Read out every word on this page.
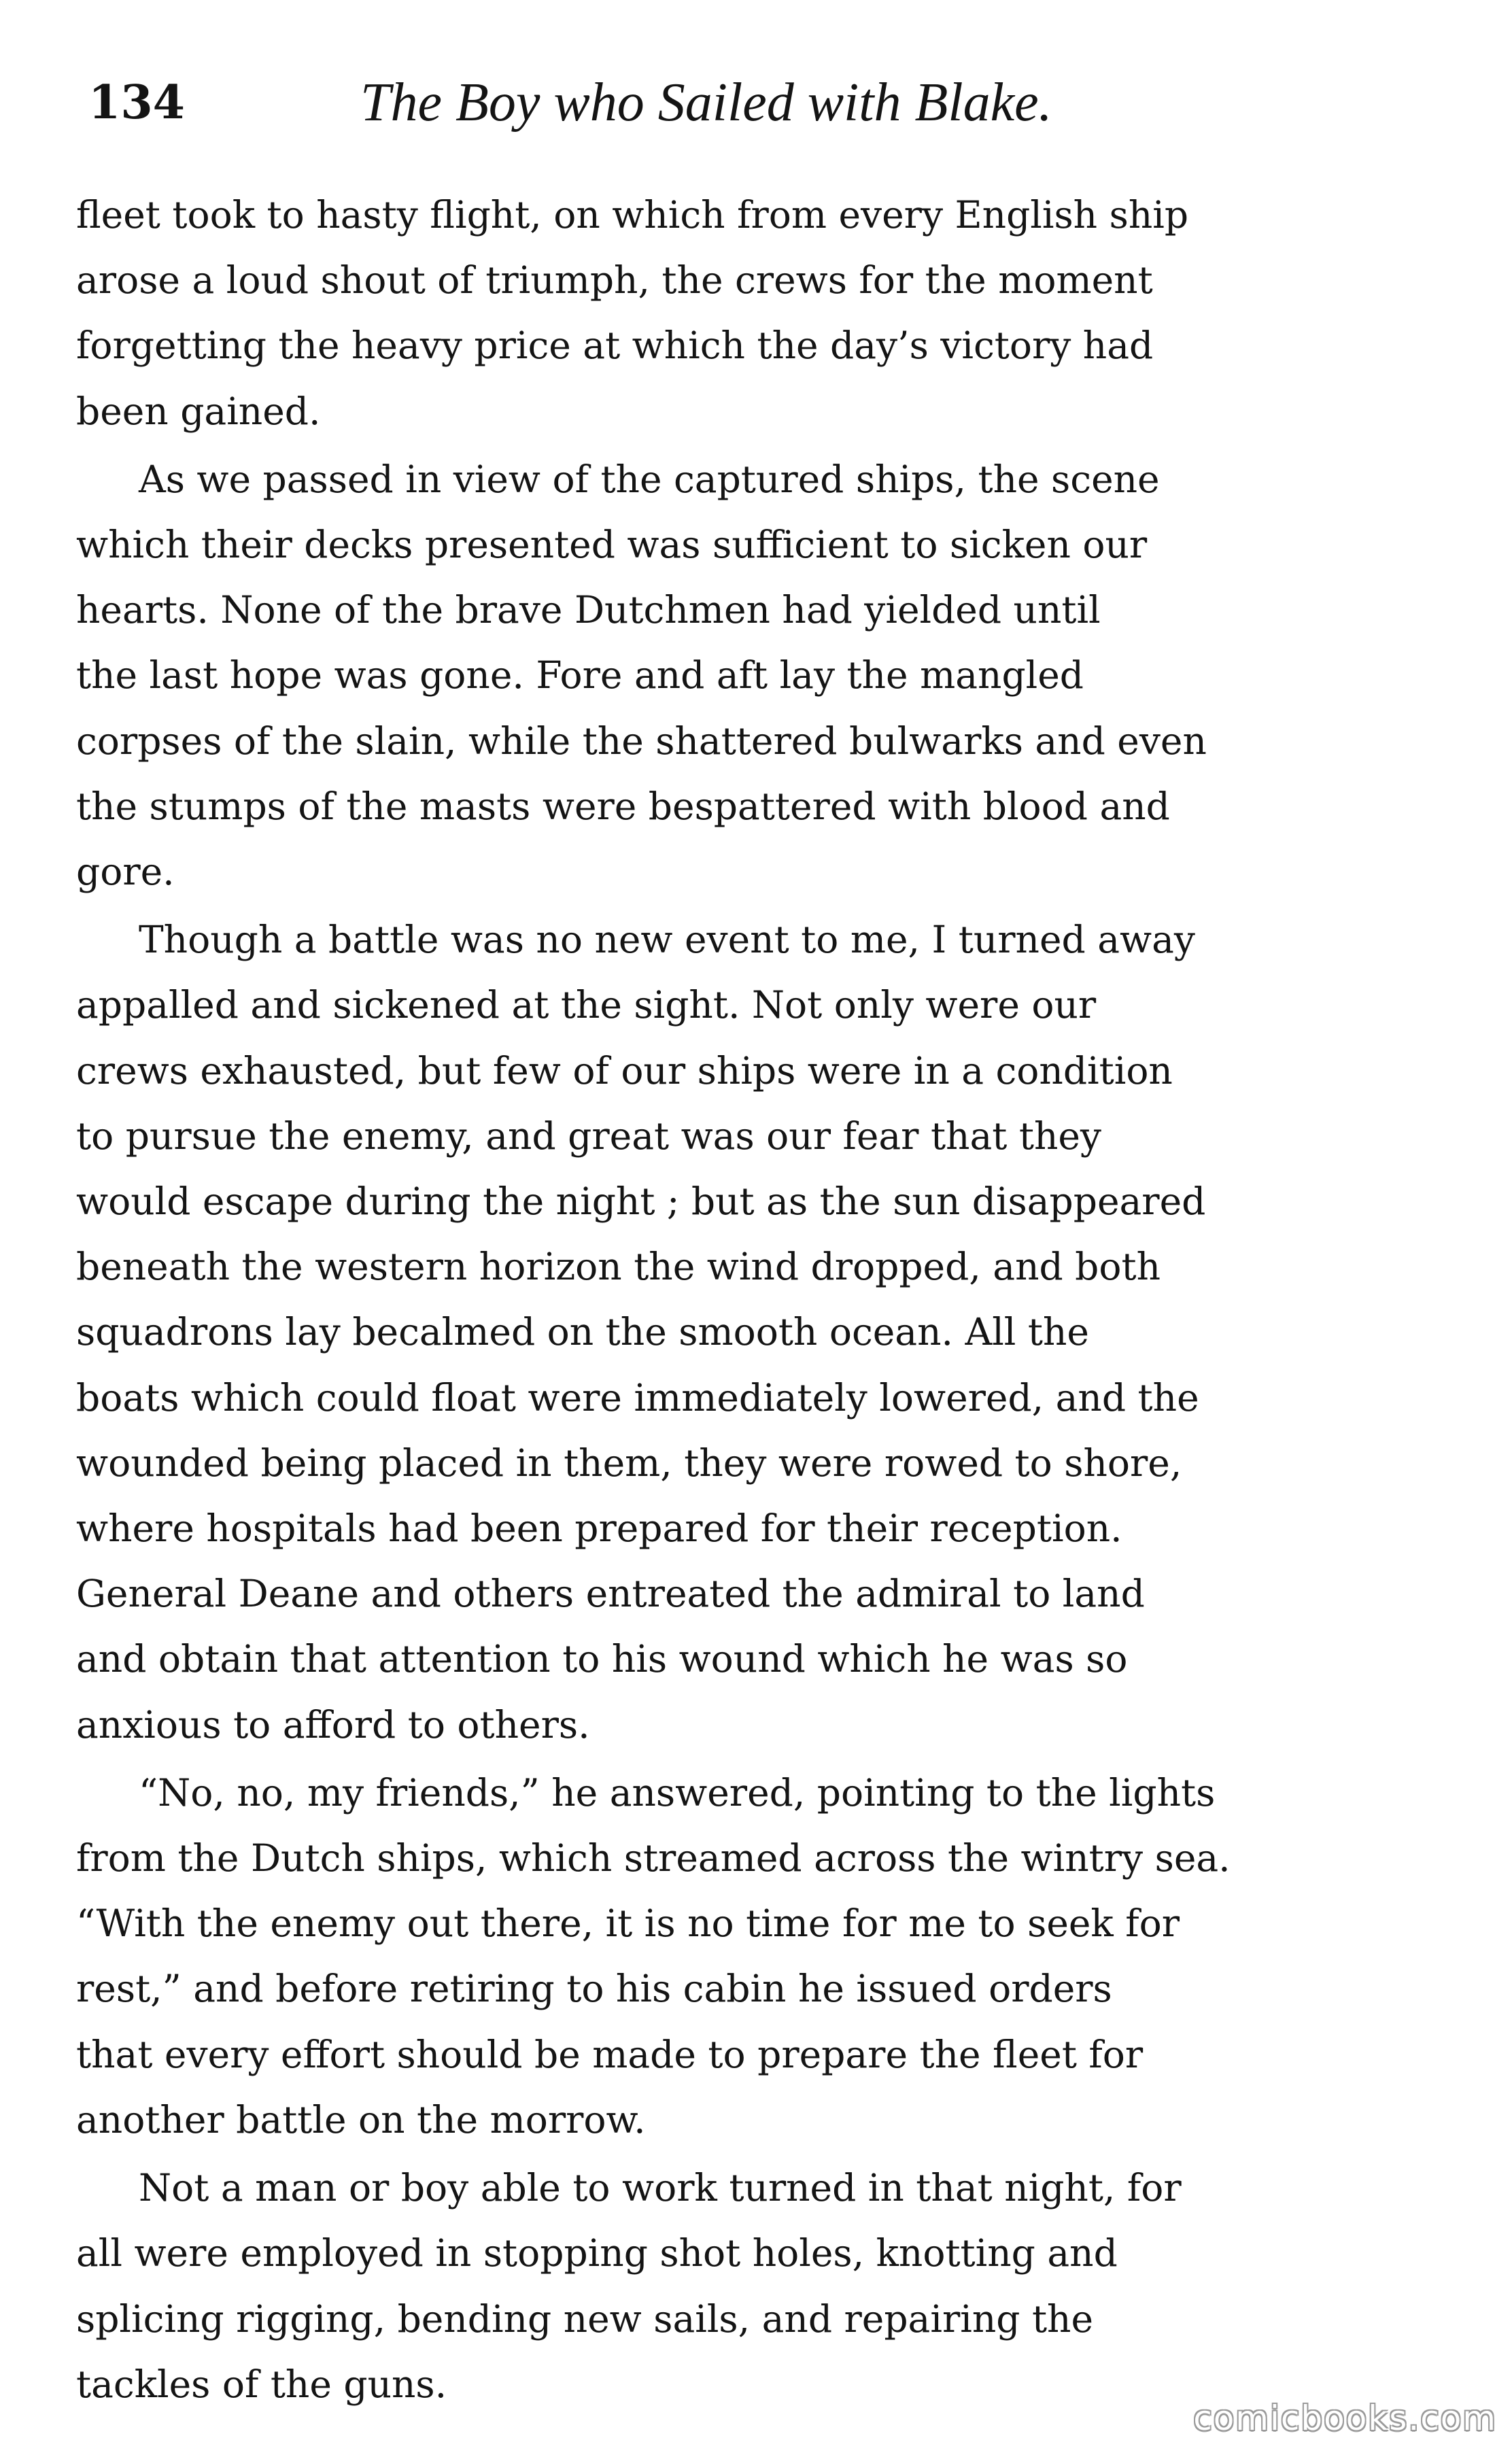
134	The Boy who Sailed with Blake.

fleet took to hasty flight, on which from every English ship
arose a loud shout of triumph, the crews for the moment
forgetting the heavy price at which the day’s victory had
been gained.

As we passed in view of the captured ships, the scene
which their decks presented was sufficient to sicken our
hearts. None of the brave Dutchmen had yielded until
the last hope was gone. Fore and aft lay the mangled
corpses of the slain, while the shattered bulwarks and even
the stumps of the masts were bespattered with blood and
gore.

Though a battle was no new event to me, I turned away
appalled and sickened at the sight. Not only were our
crews exhausted, but few of our ships were in a condition
to pursue the enemy, and great was our fear that they
would escape during the night ; but as the sun disappeared
beneath the western horizon the wind dropped, and both
squadrons lay becalmed on the smooth ocean. All the
boats which could float were immediately lowered, and the
wounded being placed in them, they were rowed to shore,
where hospitals had been prepared for their reception.
General Deane and others entreated the admiral to land
and obtain that attention to his wound which he was so
anxious to afford to others.

“No, no, my friends,” he answered, pointing to the lights
from the Dutch ships, which streamed across the wintry sea.
“With the enemy out there, it is no time for me to seek for
rest,” and before retiring to his cabin he issued orders
that every effort should be made to prepare the fleet for
another battle on the morrow.

Not a man or boy able to work turned in that night, for
all were employed in stopping shot holes, knotting and
splicing rigging, bending new sails, and repairing the
tackles of the guns.

comicbooks.com
